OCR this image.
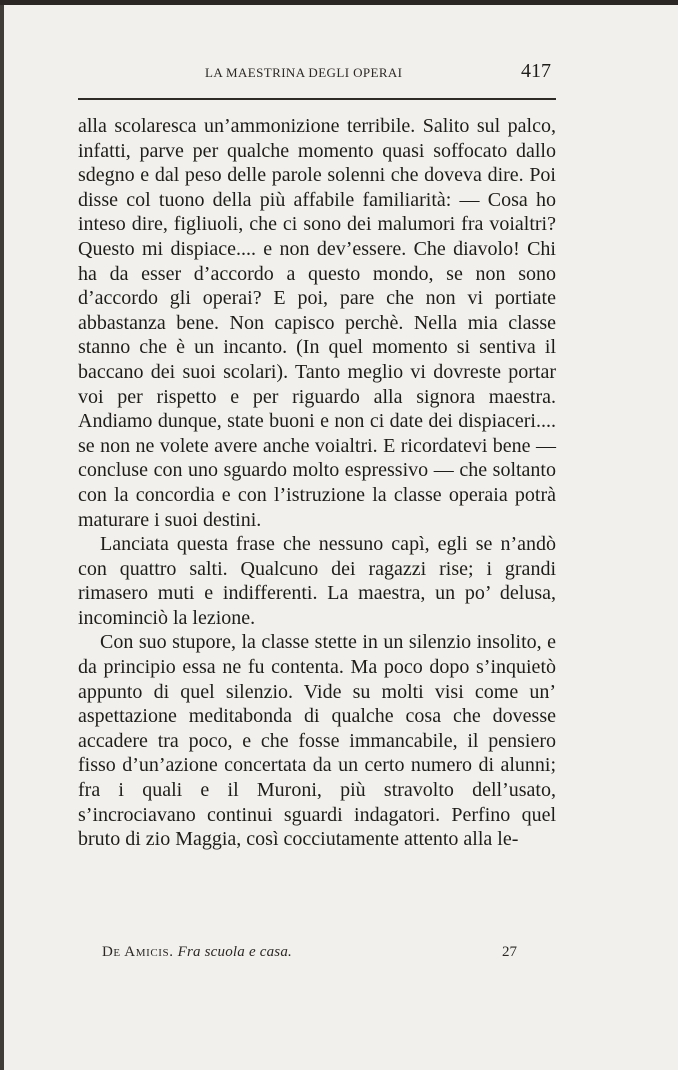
LA MAESTRINA DEGLI OPERAI	417

alla scolaresca un’ammonizione terribile. Salito sul palco, infatti, parve per qualche momento quasi soffocato dallo sdegno e dal peso delle parole solenni che doveva dire. Poi disse col tuono della più affabile familiarità: — Cosa ho inteso dire, figliuoli, che ci sono dei malumori fra voialtri? Questo mi dispiace.... e non dev’essere. Che diavolo! Chi ha da esser d’accordo a questo mondo, se non sono d’accordo gli operai? E poi, pare che non vi portiate abbastanza bene. Non capisco perchè. Nella mia classe stanno che è un incanto. (In quel momento si sentiva il baccano dei suoi scolari). Tanto meglio vi dovreste portar voi per rispetto e per riguardo alla signora maestra. Andiamo dunque, state buoni e non ci date dei dispiaceri.... se non ne volete avere anche voialtri. E ricordatevi bene — concluse con uno sguardo molto espressivo — che soltanto con la concordia e con l’istruzione la classe operaia potrà maturare i suoi destini.

Lanciata questa frase che nessuno capì, egli se n’andò con quattro salti. Qualcuno dei ragazzi rise; i grandi rimasero muti e indifferenti. La maestra, un po’ delusa, incominciò la lezione.

Con suo stupore, la classe stette in un silenzio insolito, e da principio essa ne fu contenta. Ma poco dopo s’inquietò appunto di quel silenzio. Vide su molti visi come un’ aspettazione meditabonda di qualche cosa che dovesse accadere tra poco, e che fosse immancabile, il pensiero fisso d’un’azione concertata da un certo numero di alunni; fra i quali e il Muroni, più stravolto dell’usato, s’incrociavano continui sguardi indagatori. Perfino quel bruto di zio Maggia, così cocciutamente attento alla le-

De Amicis. Fra scuola e casa.	27
